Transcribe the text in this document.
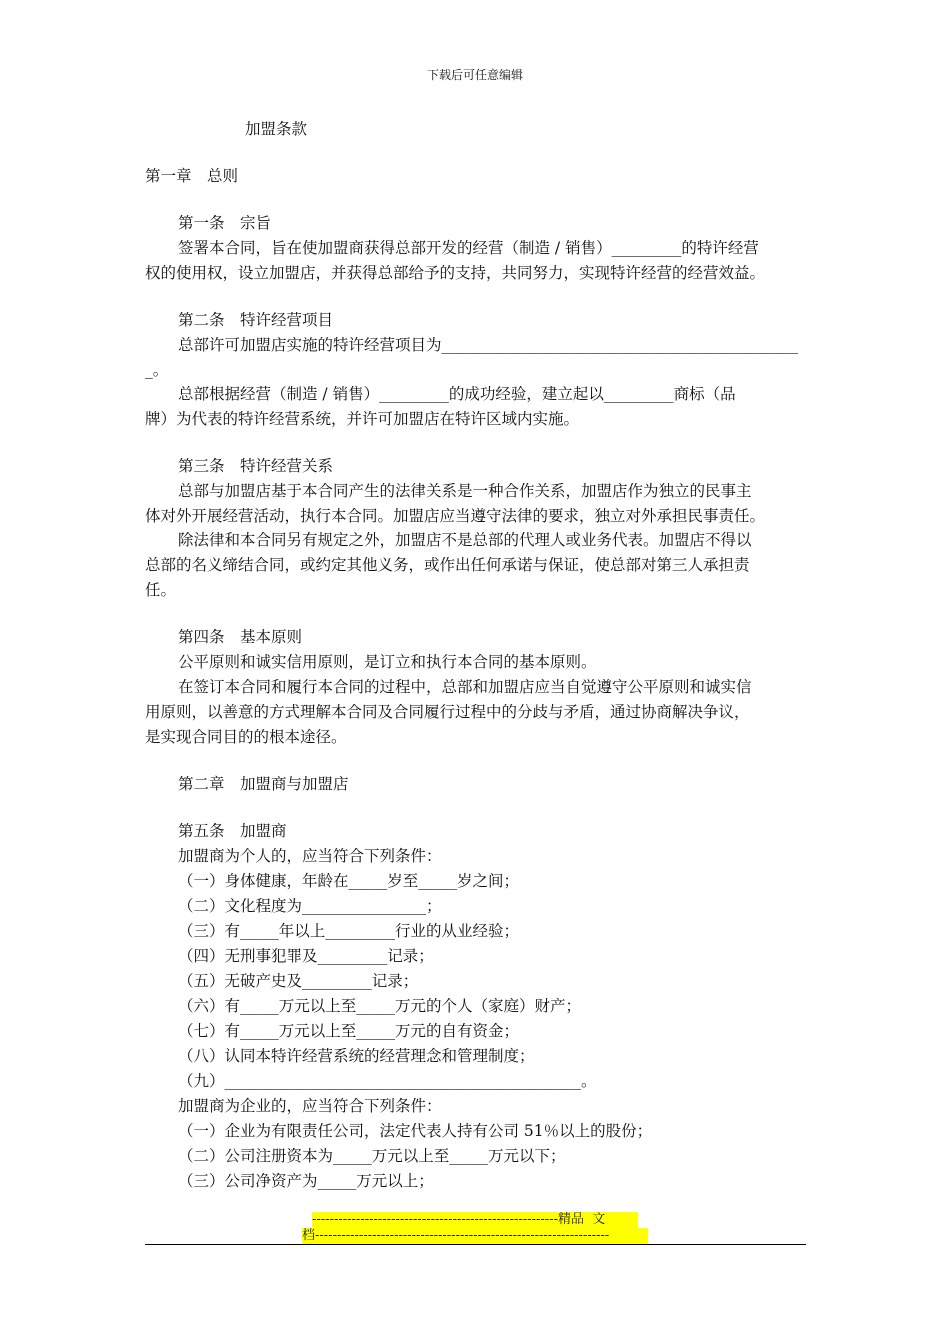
下载后可任意编辑
加盟条款
第一章　总则
第一条　宗旨
签署本合同，旨在使加盟商获得总部开发的经营（制造 / 销售）_________的特许经营
权的使用权，设立加盟店，并获得总部给予的支持，共同努力，实现特许经营的经营效益。
第二条　特许经营项目
总部许可加盟店实施的特许经营项目为______________________________________________
_。
总部根据经营（制造 / 销售）_________的成功经验，建立起以_________商标（品
牌）为代表的特许经营系统，并许可加盟店在特许区域内实施。
第三条　特许经营关系
总部与加盟店基于本合同产生的法律关系是一种合作关系，加盟店作为独立的民事主
体对外开展经营活动，执行本合同。加盟店应当遵守法律的要求，独立对外承担民事责任。
除法律和本合同另有规定之外，加盟店不是总部的代理人或业务代表。加盟店不得以
总部的名义缔结合同，或约定其他义务，或作出任何承诺与保证，使总部对第三人承担责
任。
第四条　基本原则
公平原则和诚实信用原则，是订立和执行本合同的基本原则。
在签订本合同和履行本合同的过程中，总部和加盟店应当自觉遵守公平原则和诚实信
用原则，以善意的方式理解本合同及合同履行过程中的分歧与矛盾，通过协商解决争议，
是实现合同目的的根本途径。
第二章　加盟商与加盟店
第五条　加盟商
加盟商为个人的，应当符合下列条件：
（一）身体健康，年龄在_____岁至_____岁之间；
（二）文化程度为________________；
（三）有_____年以上_________行业的从业经验；
（四）无刑事犯罪及_________记录；
（五）无破产史及_________记录；
（六）有_____万元以上至_____万元的个人（家庭）财产；
（七）有_____万元以上至_____万元的自有资金；
（八）认同本特许经营系统的经营理念和管理制度；
（九）______________________________________________。
加盟商为企业的，应当符合下列条件：
（一）企业为有限责任公司，法定代表人持有公司 51％以上的股份；
（二）公司注册资本为_____万元以上至_____万元以下；
（三）公司净资产为_____万元以上；
--------------------------------------------------------精品  文
档-------------------------------------------------------------------
